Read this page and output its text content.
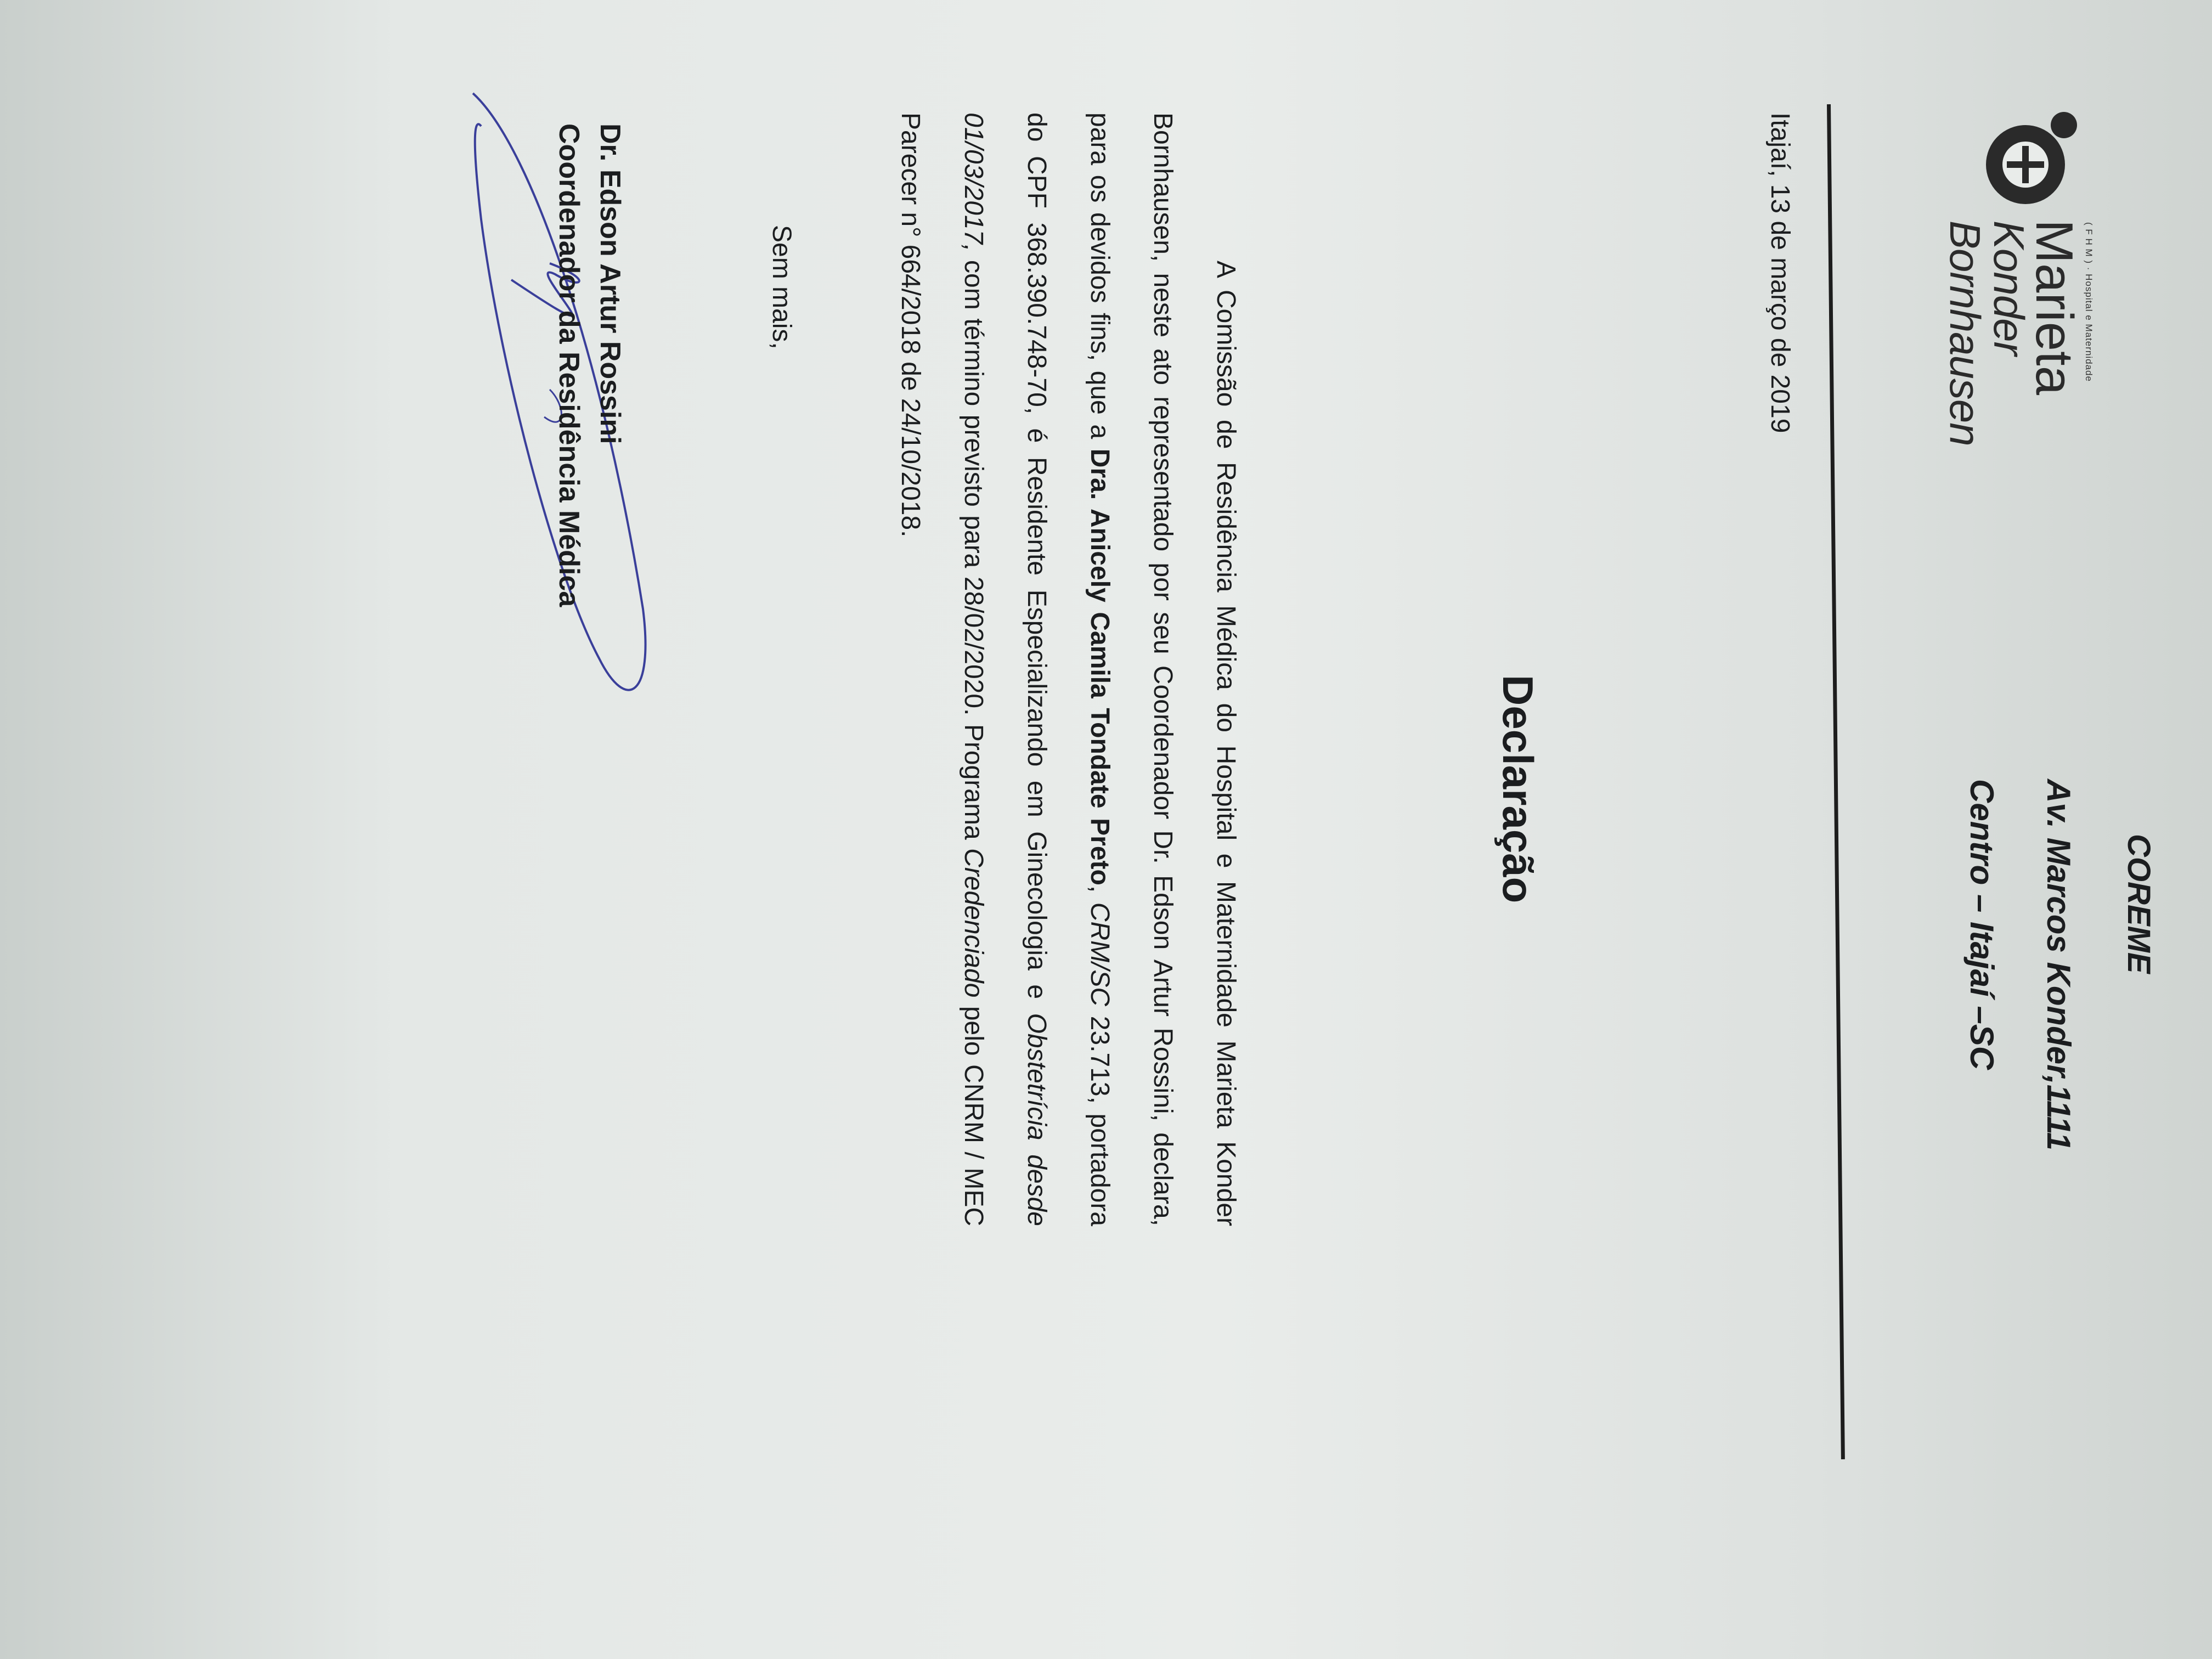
( F H M ) · Hospital e Maternidade
Marieta
Konder Bornhausen
COREME
Av. Marcos Konder,1111
Centro – Itajaí –SC
Itajaí, 13 de março de 2019
Declaração
A Comissão de Residência Médica do Hospital e Maternidade Marieta Konder Bornhausen, neste ato representado por seu Coordenador Dr. Edson Artur Rossini, declara, para os devidos fins, que a Dra. Anicely Camila Tondate Preto, CRM/SC 23.713, portadora do CPF 368.390.748-70, é Residente Especializando em Ginecologia e Obstetrícia desde 01/03/2017, com término previsto para 28/02/2020. Programa Credenciado pelo CNRM / MEC Parecer n° 664/2018 de 24/10/2018.
Sem mais,
Dr. Edson Artur Rossini
Coordenador da Residência Médica
